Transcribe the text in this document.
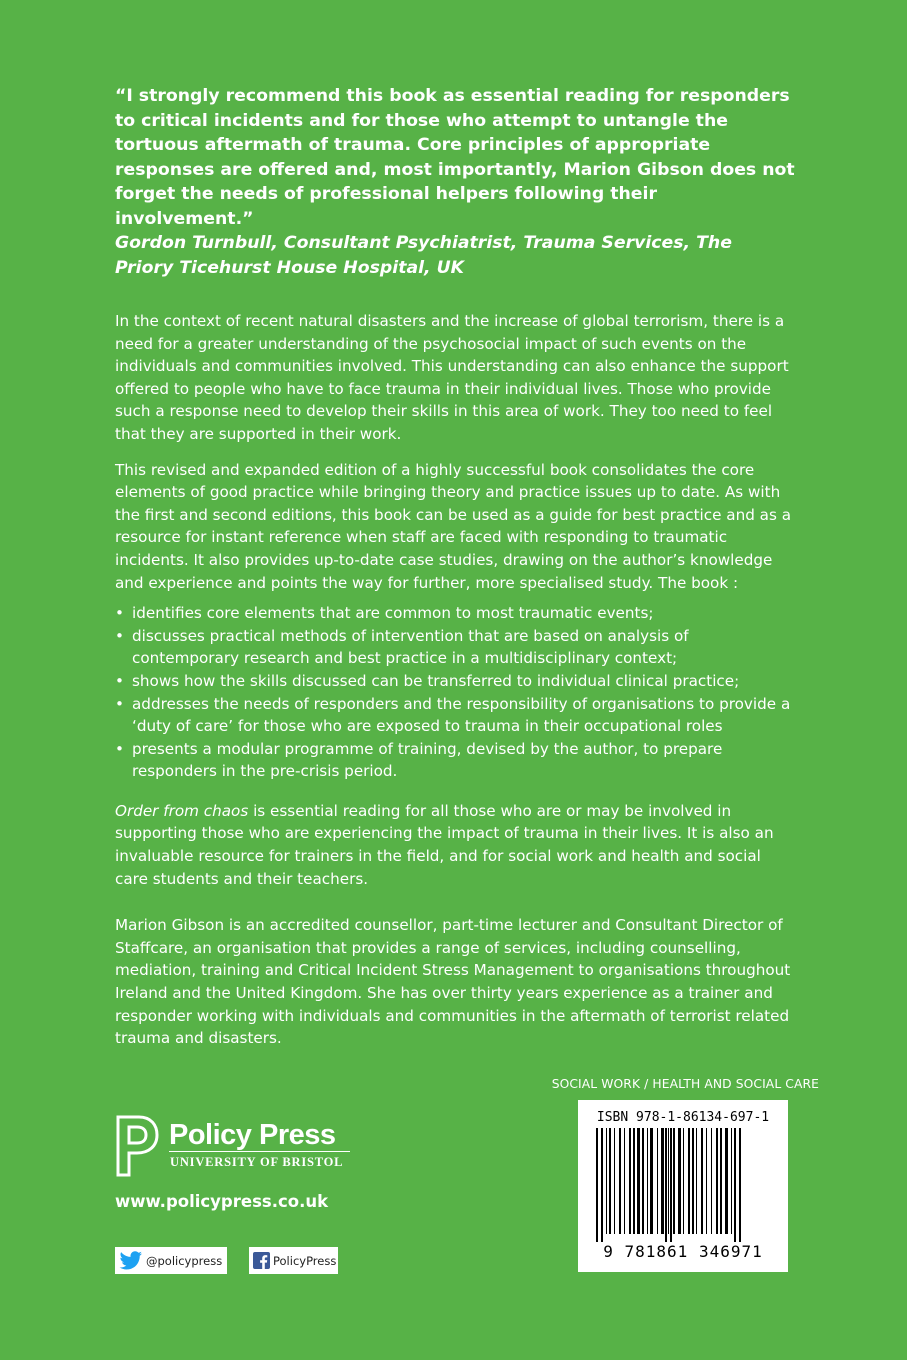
“I strongly recommend this book as essential reading for responders to critical incidents and for those who attempt to untangle the tortuous aftermath of trauma. Core principles of appropriate responses are offered and, most importantly, Marion Gibson does not forget the needs of professional helpers following their involvement.”

Gordon Turnbull, Consultant Psychiatrist, Trauma Services, The Priory Ticehurst House Hospital, UK

In the context of recent natural disasters and the increase of global terrorism, there is a need for a greater understanding of the psychosocial impact of such events on the individuals and communities involved. This understanding can also enhance the support offered to people who have to face trauma in their individual lives. Those who provide such a response need to develop their skills in this area of work. They too need to feel that they are supported in their work.

This revised and expanded edition of a highly successful book consolidates the core elements of good practice while bringing theory and practice issues up to date. As with the first and second editions, this book can be used as a guide for best practice and as a resource for instant reference when staff are faced with responding to traumatic incidents. It also provides up-to-date case studies, drawing on the author’s knowledge and experience and points the way for further, more specialised study. The book :

• identifies core elements that are common to most traumatic events;
• discusses practical methods of intervention that are based on analysis of contemporary research and best practice in a multidisciplinary context;
• shows how the skills discussed can be transferred to individual clinical practice;
• addresses the needs of responders and the responsibility of organisations to provide a ‘duty of care’ for those who are exposed to trauma in their occupational roles
• presents a modular programme of training, devised by the author, to prepare responders in the pre-crisis period.

Order from chaos is essential reading for all those who are or may be involved in supporting those who are experiencing the impact of trauma in their lives. It is also an invaluable resource for trainers in the field, and for social work and health and social care students and their teachers.

Marion Gibson is an accredited counsellor, part-time lecturer and Consultant Director of Staffcare, an organisation that provides a range of services, including counselling, mediation, training and Critical Incident Stress Management to organisations throughout Ireland and the United Kingdom. She has over thirty years experience as a trainer and responder working with individuals and communities in the aftermath of terrorist related trauma and disasters.

SOCIAL WORK / HEALTH AND SOCIAL CARE
ISBN 978-1-86134-697-1
9 781861 346971
Policy Press
UNIVERSITY OF BRISTOL
www.policypress.co.uk
@policypress	PolicyPress
